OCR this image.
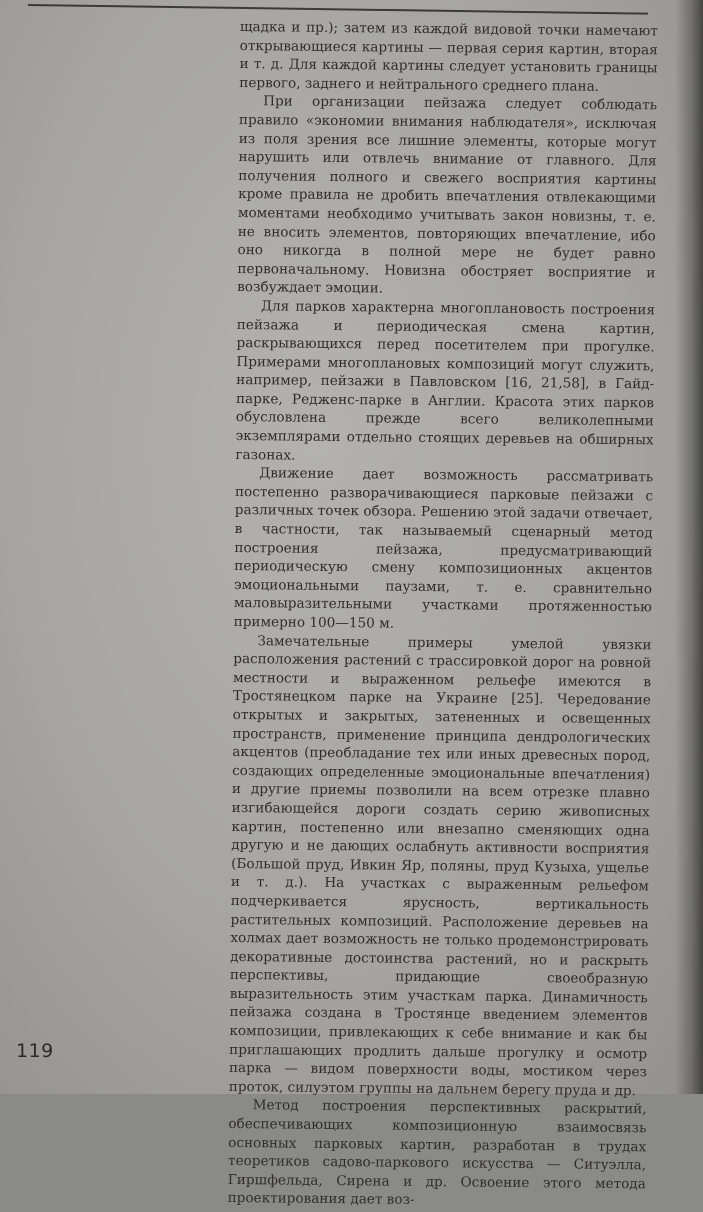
щадка и пр.); затем из каждой видовой точки намечают открывающиеся картины — первая серия картин, вторая и т. д. Для каждой картины следует установить границы первого, заднего и нейтрального среднего плана.

При организации пейзажа следует соблюдать правило «экономии внимания наблюдателя», исключая из поля зрения все лишние элементы, которые могут нарушить или отвлечь внимание от главного. Для получения полного и свежего восприятия картины кроме правила не дробить впечатления отвлекающими моментами необходимо учитывать закон новизны, т. е. не вносить элементов, повторяющих впечатление, ибо оно никогда в полной мере не будет равно первоначальному. Новизна обостряет восприятие и возбуждает эмоции.

Для парков характерна многоплановость построения пейзажа и периодическая смена картин, раскрывающихся перед посетителем при прогулке. Примерами многоплановых композиций могут служить, например, пейзажи в Павловском [16, 21,58], в Гайд-парке, Редженс-парке в Англии. Красота этих парков обусловлена прежде всего великолепными экземплярами отдельно стоящих деревьев на обширных газонах.

Движение дает возможность рассматривать постепенно разворачивающиеся парковые пейзажи с различных точек обзора. Решению этой задачи отвечает, в частности, так называемый сценарный метод построения пейзажа, предусматривающий периодическую смену композиционных акцентов эмоциональными паузами, т. е. сравнительно маловыразительными участками протяженностью примерно 100—150 м.

Замечательные примеры умелой увязки расположения растений с трассировкой дорог на ровной местности и выраженном рельефе имеются в Тростянецком парке на Украине [25]. Чередование открытых и закрытых, затененных и освещенных пространств, применение принципа дендрологических акцентов (преобладание тех или иных древесных пород, создающих определенные эмоциональные впечатления) и другие приемы позволили на всем отрезке плавно изгибающейся дороги создать серию живописных картин, постепенно или внезапно сменяющих одна другую и не дающих ослабнуть активности восприятия (Большой пруд, Ивкин Яр, поляны, пруд Кузыха, ущелье и т. д.). На участках с выраженным рельефом подчеркивается ярусность, вертикальность растительных композиций. Расположение деревьев на холмах дает возможность не только продемонстрировать декоративные достоинства растений, но и раскрыть перспективы, придающие своеобразную выразительность этим участкам парка. Динамичность пейзажа создана в Тростянце введением элементов композиции, привлекающих к себе внимание и как бы приглашающих продлить дальше прогулку и осмотр парка — видом поверхности воды, мостиком через проток, силуэтом группы на дальнем берегу пруда и др.

Метод построения перспективных раскрытий, обеспечивающих композиционную взаимосвязь основных парковых картин, разработан в трудах теоретиков садово-паркового искусства — Ситуэлла, Гиршфельда, Сирена и др. Освоение этого метода проектирования дает воз-

119
